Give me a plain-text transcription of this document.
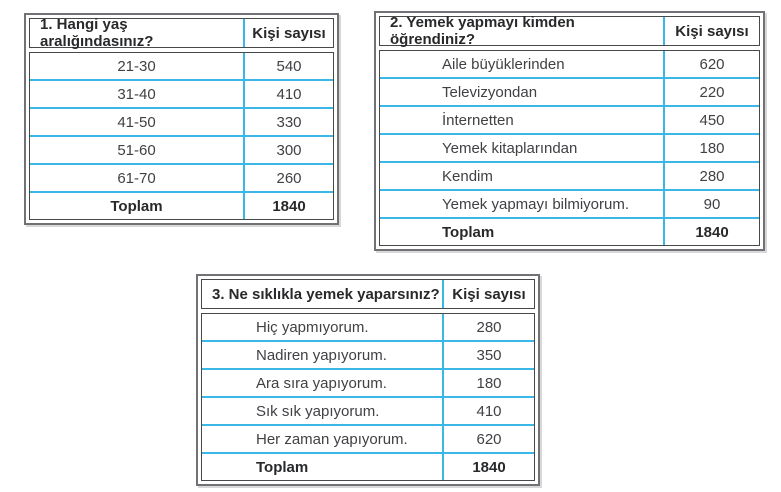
1. Hangi yaş aralığındasınız?	Kişi sayısı
21-30	540
31-40	410
41-50	330
51-60	300
61-70	260
Toplam	1840
2. Yemek yapmayı kimden öğrendiniz?	Kişi sayısı
Aile büyüklerinden	620
Televizyondan	220
İnternetten	450
Yemek kitaplarından	180
Kendim	280
Yemek yapmayı bilmiyorum.	90
Toplam	1840
3. Ne sıklıkla yemek yaparsınız? Kişi sayısı
Hiç yapmıyorum.	280
Nadiren yapıyorum.	350
Ara sıra yapıyorum.	180
Sık sık yapıyorum.	410
Her zaman yapıyorum.	620
Toplam	1840
